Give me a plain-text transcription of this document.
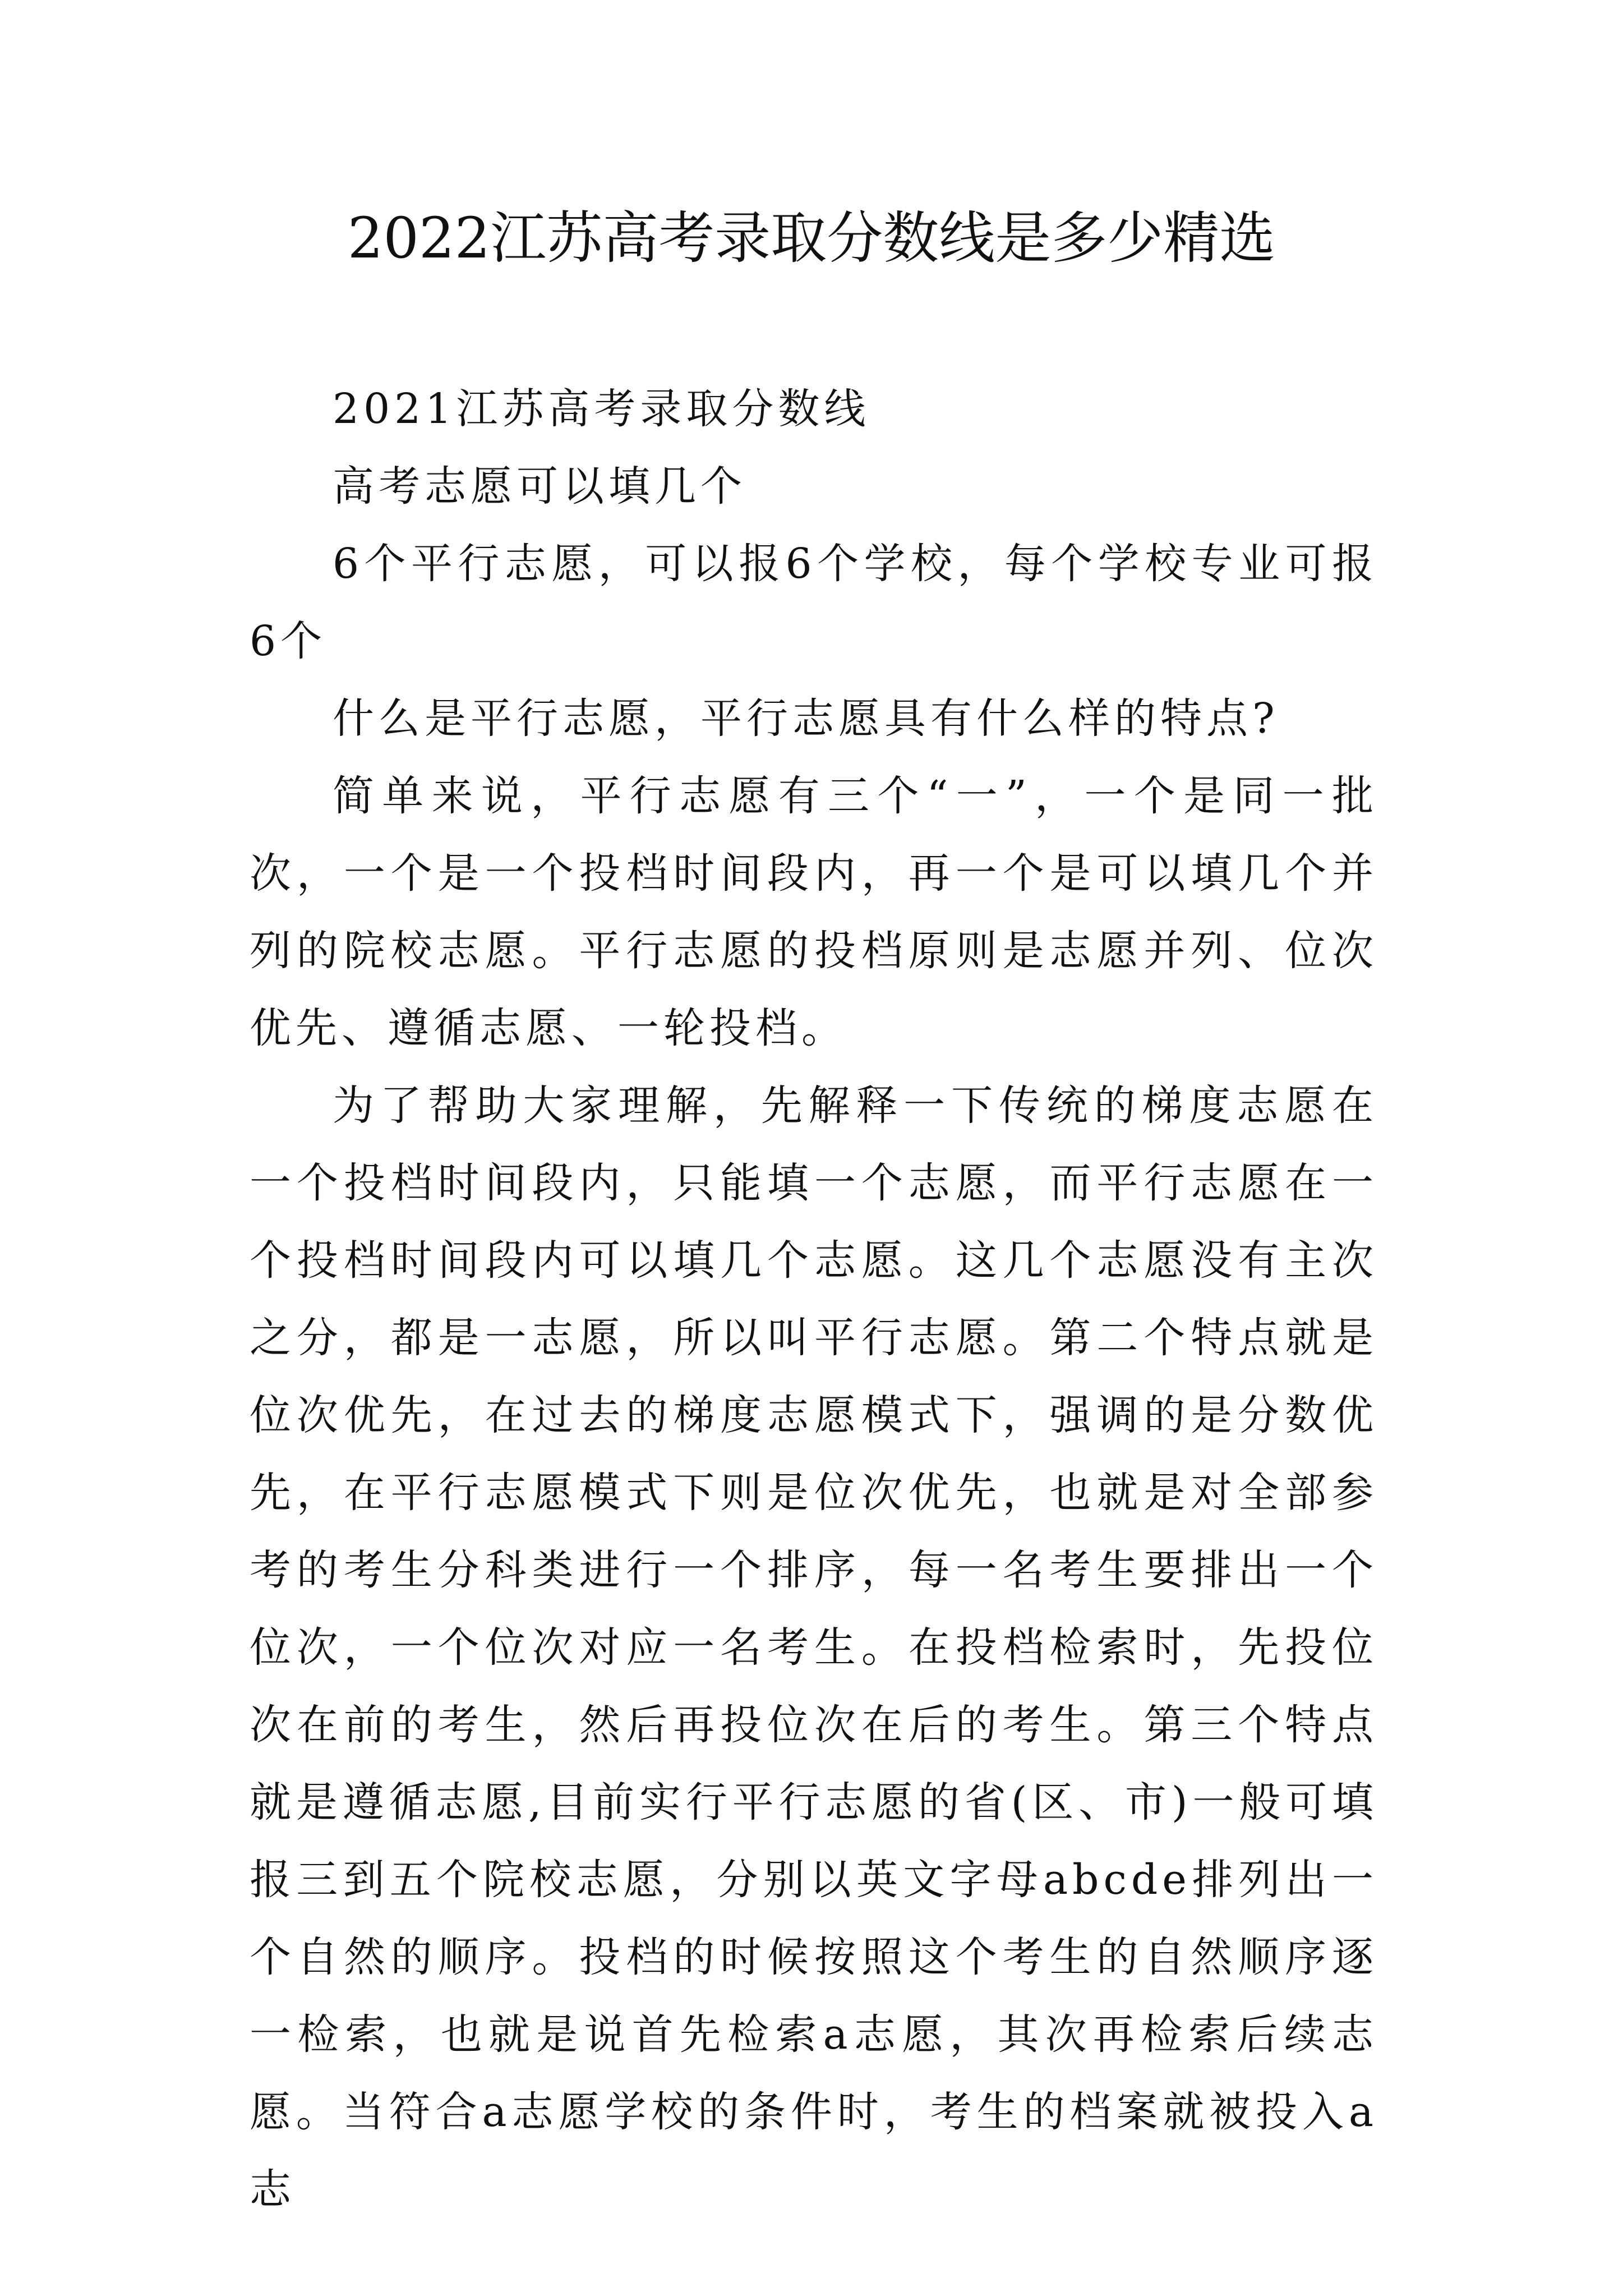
2022江苏高考录取分数线是多少精选

2021江苏高考录取分数线

高考志愿可以填几个

6个平行志愿，可以报6个学校，每个学校专业可报6个

什么是平行志愿，平行志愿具有什么样的特点?

简单来说，平行志愿有三个“一”，一个是同一批次，一个是一个投档时间段内，再一个是可以填几个并列的院校志愿。平行志愿的投档原则是志愿并列、位次优先、遵循志愿、一轮投档。

为了帮助大家理解，先解释一下传统的梯度志愿在一个投档时间段内，只能填一个志愿，而平行志愿在一个投档时间段内可以填几个志愿。这几个志愿没有主次之分，都是一志愿，所以叫平行志愿。第二个特点就是位次优先，在过去的梯度志愿模式下，强调的是分数优先，在平行志愿模式下则是位次优先，也就是对全部参考的考生分科类进行一个排序，每一名考生要排出一个位次，一个位次对应一名考生。在投档检索时，先投位次在前的考生，然后再投位次在后的考生。第三个特点就是遵循志愿,目前实行平行志愿的省(区、市)一般可填报三到五个院校志愿，分别以英文字母abcde排列出一个自然的顺序。投档的时候按照这个考生的自然顺序逐一检索，也就是说首先检索a志愿，其次再检索后续志愿。当符合a志愿学校的条件时，考生的档案就被投入a志
